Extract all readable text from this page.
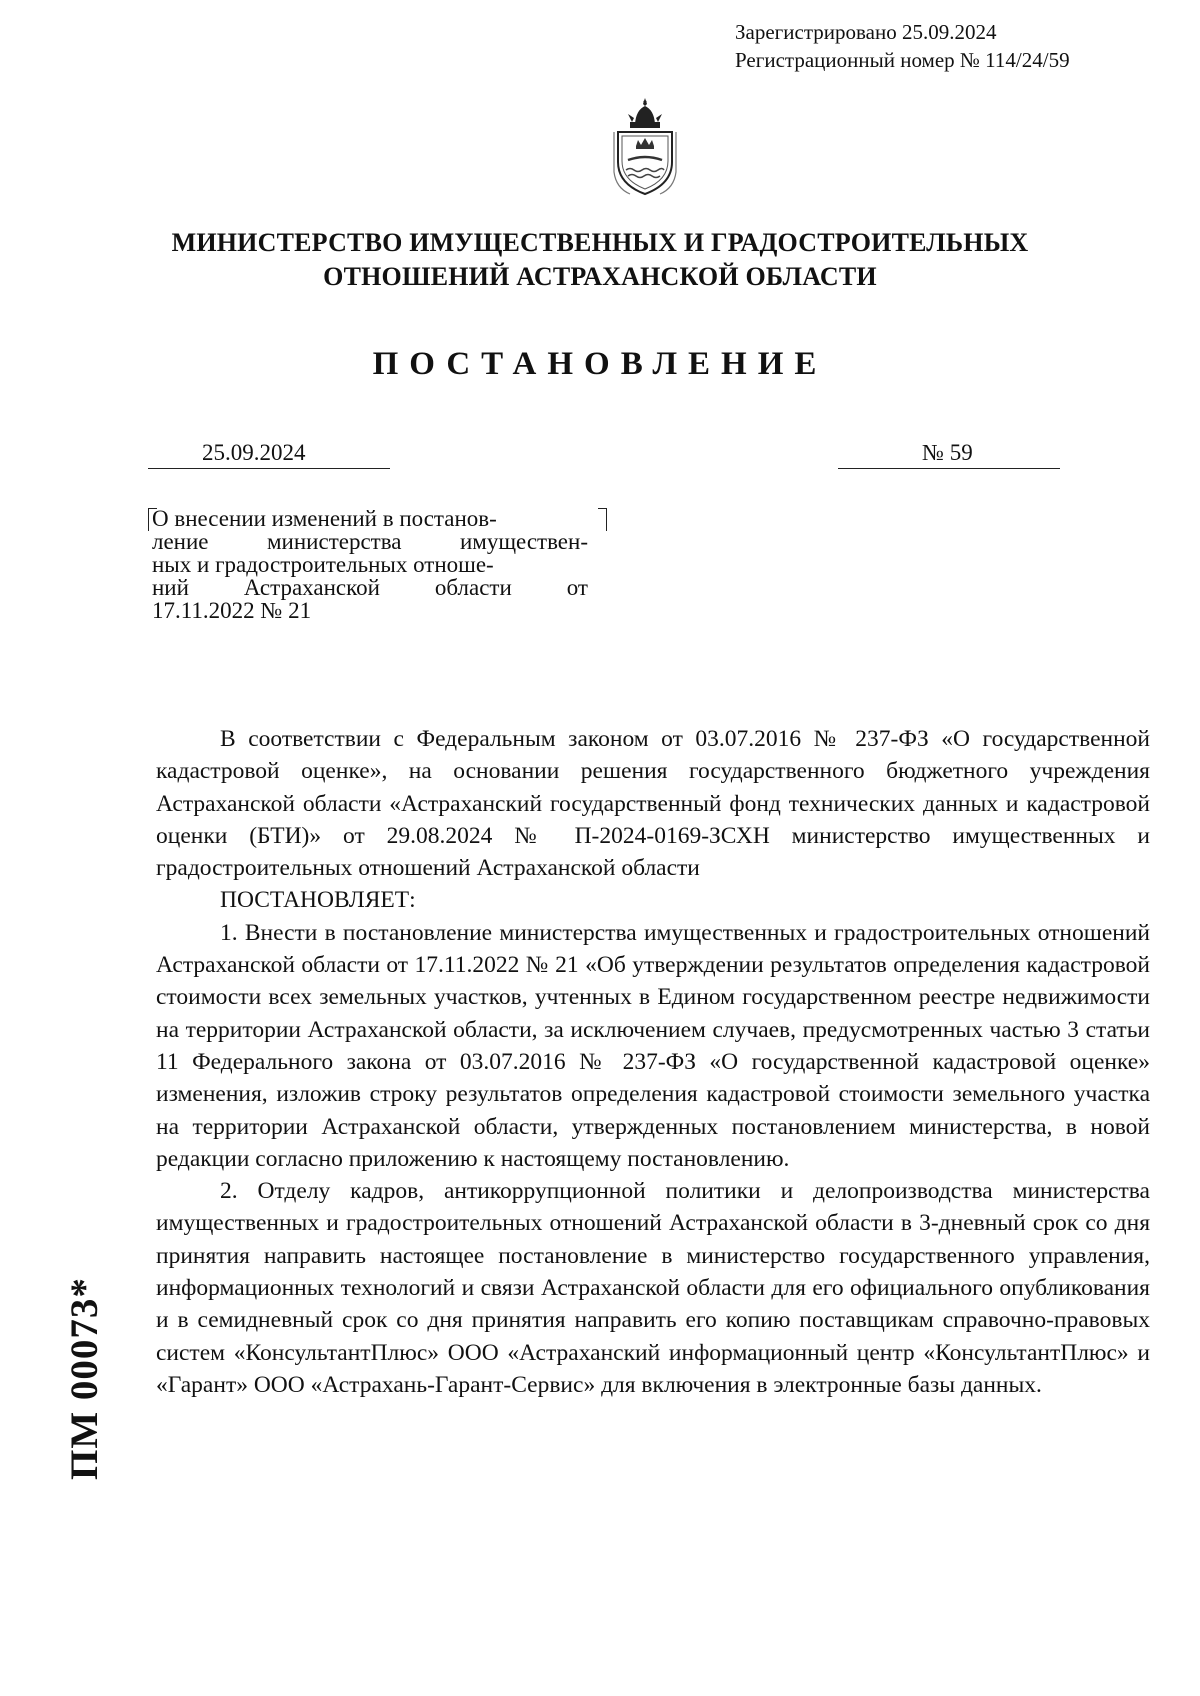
Зарегистрировано 25.09.2024
Регистрационный номер № 114/24/59
МИНИСТЕРСТВО ИМУЩЕСТВЕННЫХ И ГРАДОСТРОИТЕЛЬНЫХ
ОТНОШЕНИЙ АСТРАХАНСКОЙ ОБЛАСТИ
ПОСТАНОВЛЕНИЕ
25.09.2024	№ 59
О внесении изменений в постанов-
ление	министерства	имуществен-
ных и градостроительных отноше-
ний Астраханской области от
17.11.2022 № 21

В соответствии с Федеральным законом от 03.07.2016 № 237-ФЗ «О государственной кадастровой оценке», на основании решения государственного бюджетного учреждения Астраханской области «Астраханский государственный фонд технических данных и кадастровой оценки (БТИ)» от 29.08.2024 № П-2024-0169-ЗСХН министерство имущественных и градостроительных отношений Астраханской области

ПОСТАНОВЛЯЕТ:

1. Внести в постановление министерства имущественных и градостроительных отношений Астраханской области от 17.11.2022 № 21 «Об утверждении результатов определения кадастровой стоимости всех земельных участков, учтенных в Едином государственном реестре недвижимости на территории Астраханской области, за исключением случаев, предусмотренных частью 3 статьи 11 Федерального закона от 03.07.2016 № 237-ФЗ «О государственной кадастровой оценке» изменения, изложив строку результатов определения кадастровой стоимости земельного участка на территории Астраханской области, утвержденных постановлением министерства, в новой редакции согласно приложению к настоящему постановлению.

2. Отделу кадров, антикоррупционной политики и делопроизводства министерства имущественных и градостроительных отношений Астраханской области в 3-дневный срок со дня принятия направить настоящее постановление в министерство государственного управления, информационных технологий и связи Астраханской области для его официального опубликования и в семидневный срок со дня принятия направить его копию поставщикам справочно-правовых систем «КонсультантПлюс» ООО «Астраханский информационный центр «КонсультантПлюс» и «Гарант» ООО «Астрахань-Гарант-Сервис» для включения в электронные базы данных.

ПМ 00073*
